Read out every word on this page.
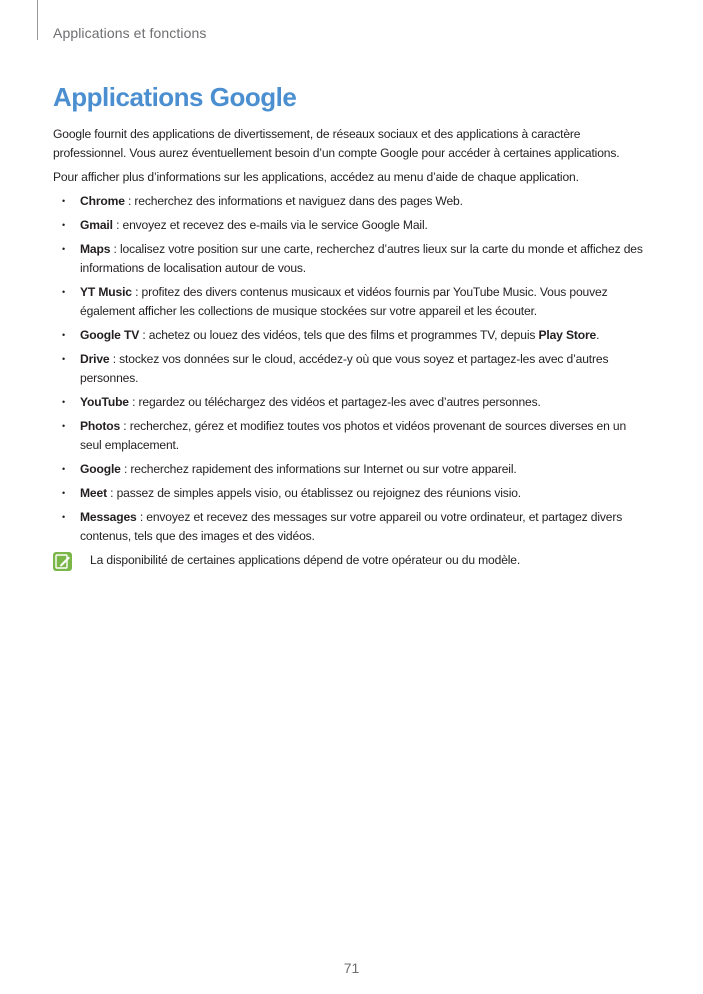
Applications et fonctions
Applications Google

Google fournit des applications de divertissement, de réseaux sociaux et des applications à caractère professionnel. Vous aurez éventuellement besoin d’un compte Google pour accéder à certaines applications.

Pour afficher plus d’informations sur les applications, accédez au menu d’aide de chaque application.

• Chrome : recherchez des informations et naviguez dans des pages Web.
• Gmail : envoyez et recevez des e-mails via le service Google Mail.
• Maps : localisez votre position sur une carte, recherchez d’autres lieux sur la carte du monde et affichez des informations de localisation autour de vous.
• YT Music : profitez des divers contenus musicaux et vidéos fournis par YouTube Music. Vous pouvez également afficher les collections de musique stockées sur votre appareil et les écouter.
• Google TV : achetez ou louez des vidéos, tels que des films et programmes TV, depuis Play Store.
• Drive : stockez vos données sur le cloud, accédez-y où que vous soyez et partagez-les avec d’autres personnes.
• YouTube : regardez ou téléchargez des vidéos et partagez-les avec d’autres personnes.
• Photos : recherchez, gérez et modifiez toutes vos photos et vidéos provenant de sources diverses en un seul emplacement.
• Google : recherchez rapidement des informations sur Internet ou sur votre appareil.
• Meet : passez de simples appels visio, ou établissez ou rejoignez des réunions visio.
• Messages : envoyez et recevez des messages sur votre appareil ou votre ordinateur, et partagez divers contenus, tels que des images et des vidéos.
La disponibilité de certaines applications dépend de votre opérateur ou du modèle.
71
